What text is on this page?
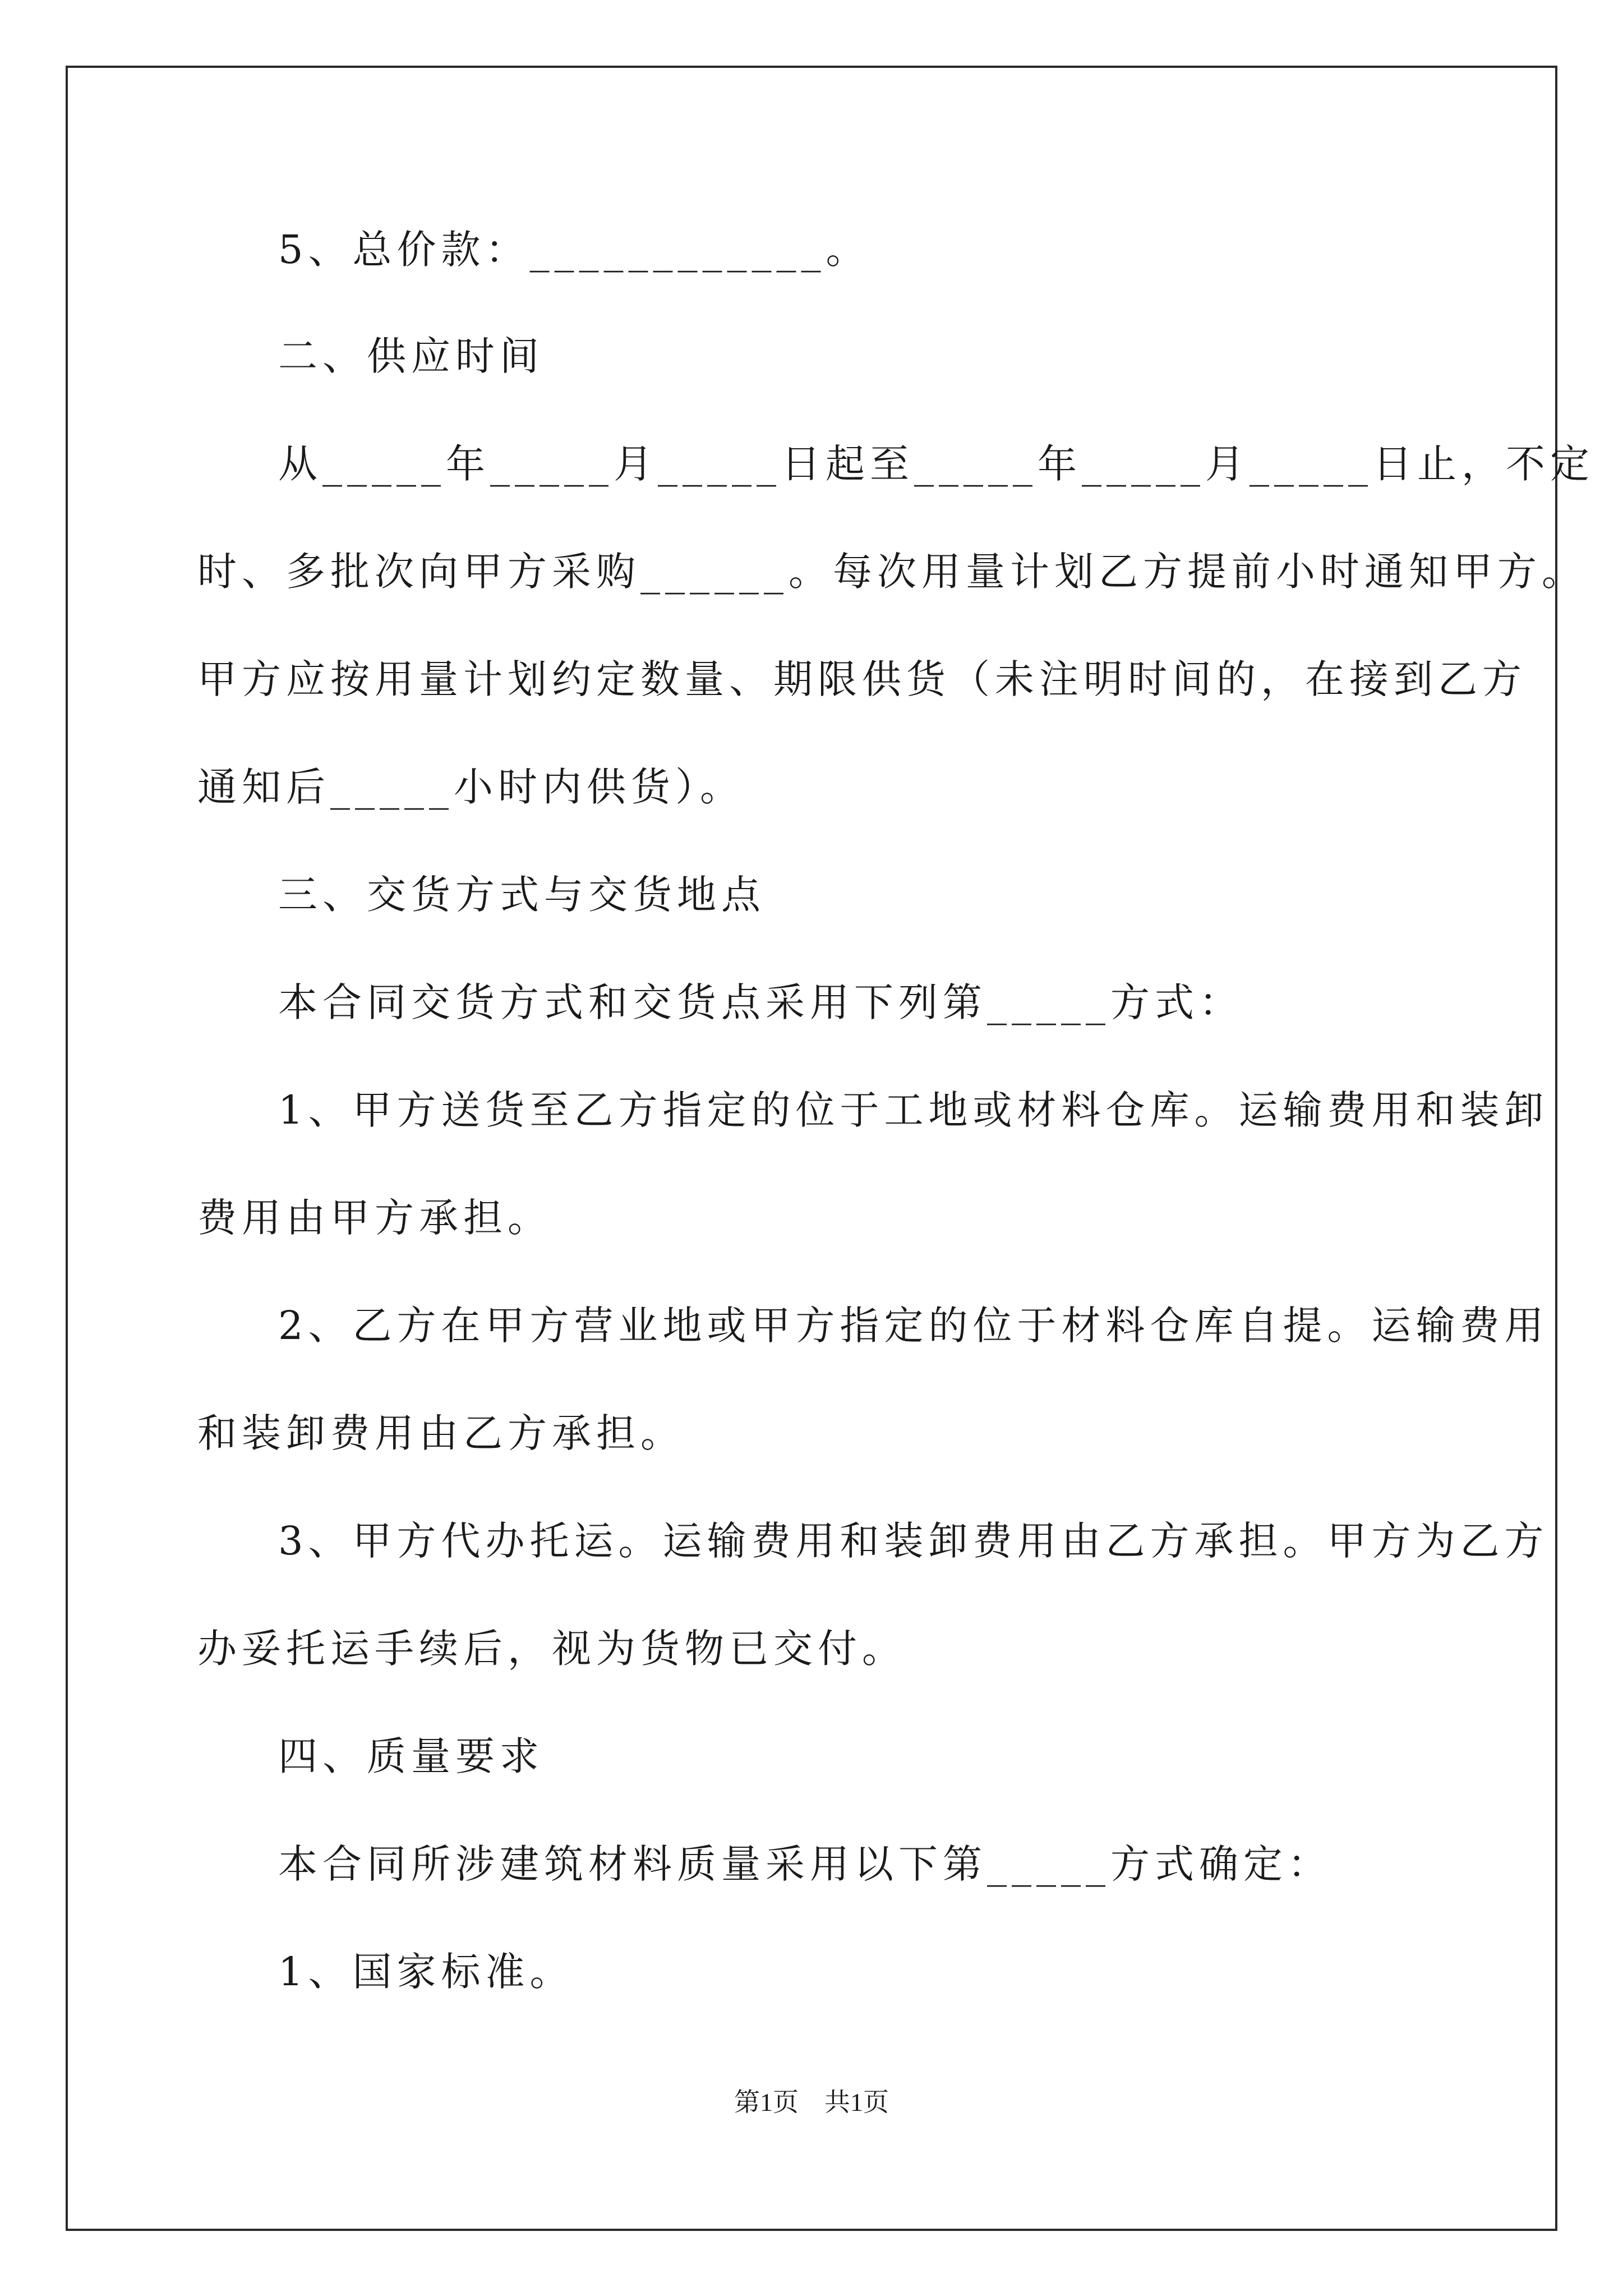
5、总价款：____________。
二、供应时间
从_____年_____月_____日起至_____年_____月_____日止，不定
时、多批次向甲方采购______。每次用量计划乙方提前小时通知甲方。
甲方应按用量计划约定数量、期限供货（未注明时间的，在接到乙方
通知后_____小时内供货）。
三、交货方式与交货地点
本合同交货方式和交货点采用下列第_____方式：
1、甲方送货至乙方指定的位于工地或材料仓库。运输费用和装卸
费用由甲方承担。
2、乙方在甲方营业地或甲方指定的位于材料仓库自提。运输费用
和装卸费用由乙方承担。
3、甲方代办托运。运输费用和装卸费用由乙方承担。甲方为乙方
办妥托运手续后，视为货物已交付。
四、质量要求
本合同所涉建筑材料质量采用以下第_____方式确定：
1、国家标准。
第1页　共1页
